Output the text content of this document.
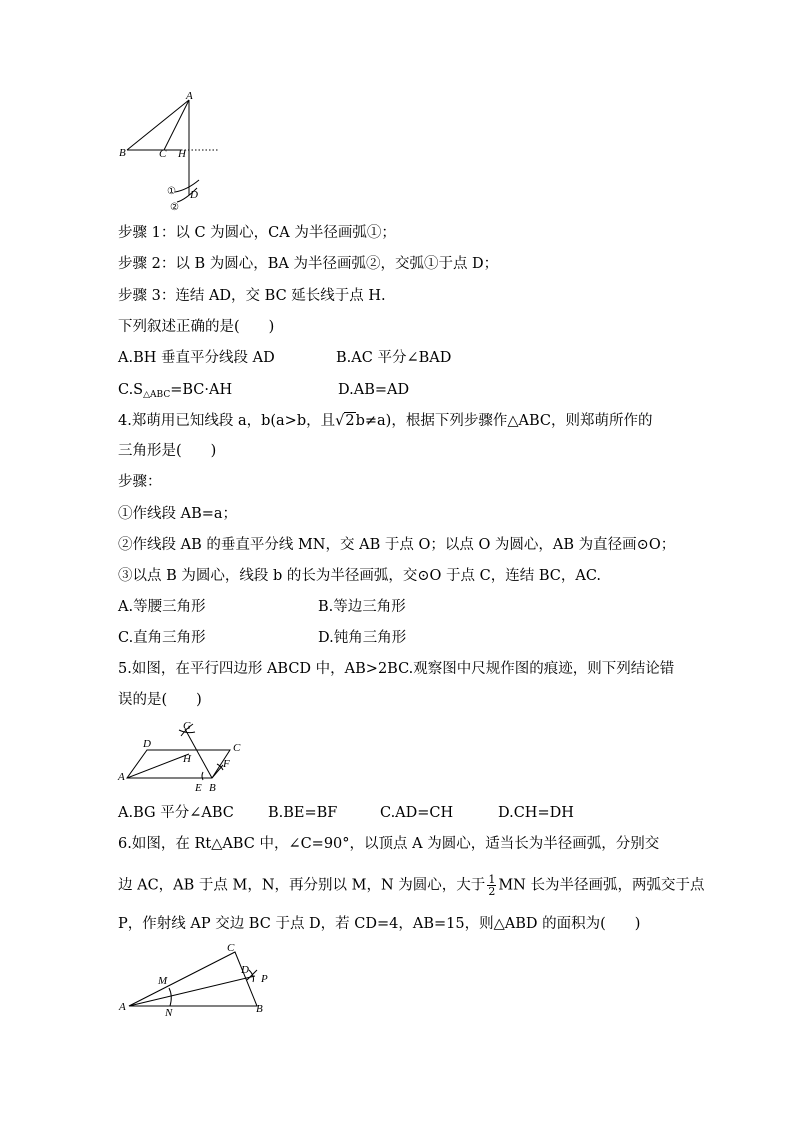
A
B	C H
D
①
②
步骤 1：以 C 为圆心，CA 为半径画弧①；
步骤 2：以 B 为圆心，BA 为半径画弧②，交弧①于点 D；
步骤 3：连结 AD，交 BC 延长线于点 H.
下列叙述正确的是(　　)
A.BH 垂直平分线段 AD	B.AC 平分∠BAD
$C.S_{\triangle ABC}=BC\cdot AH$	D.AB=AD
4.郑萌用已知线段 a，b(a>b，且√2b≠a)，根据下列步骤作△ABC，则郑萌所作的
三角形是(　　)
步骤：
①作线段 AB=a；
②作线段 AB 的垂直平分线 MN，交 AB 于点 O；以点 O 为圆心，AB 为直径画⊙O；
③以点 B 为圆心，线段 b 的长为半径画弧，交⊙O 于点 C，连结 BC，AC.
A.等腰三角形	B.等边三角形
C.直角三角形	D.钝角三角形
5.如图，在平行四边形 ABCD 中，AB>2BC.观察图中尺规作图的痕迹，则下列结论错
误的是(　　)
G
D	C
H	F
A
E B
A.BG 平分∠ABC B.BE=BF	C.AD=CH	D.CH=DH
6.如图，在 Rt△ABC 中，∠C=90°，以顶点 A 为圆心，适当长为半径画弧，分别交
边 AC，AB 于点 M，N，再分别以 M，N 为圆心，大于 $\frac{1}{2}$ MN 长为半径画弧，两弧交于点
P，作射线 AP 交边 BC 于点 D，若 CD=4，AB=15，则△ABD 的面积为(　　)
C
M
D
P
A	N	B
